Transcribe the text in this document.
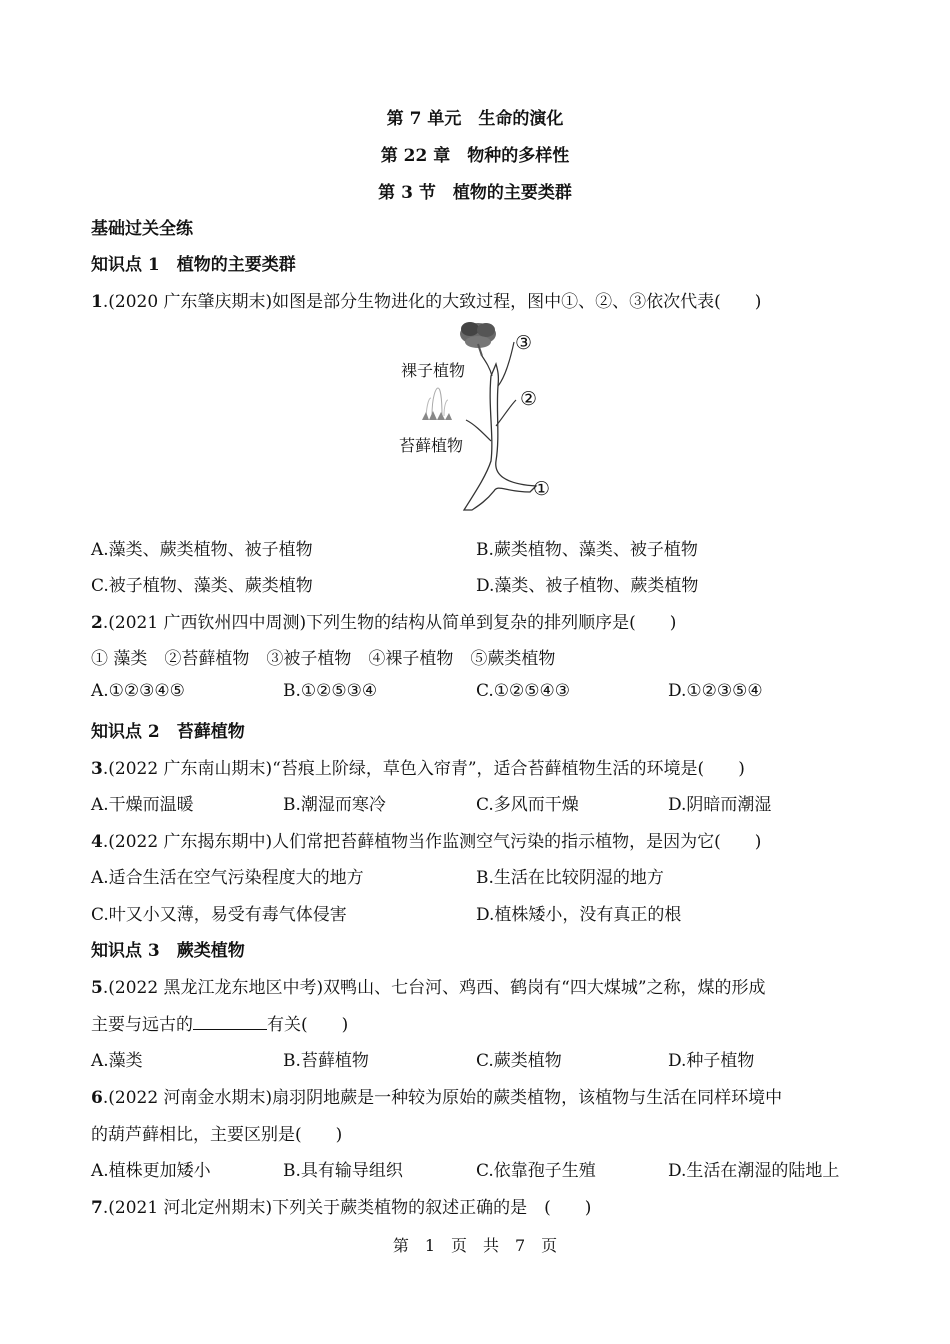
第 7 单元　生命的演化
第 22 章　物种的多样性
第 3 节　植物的主要类群
基础过关全练
知识点 1　植物的主要类群
1.(2020 广东肇庆期末)如图是部分生物进化的大致过程，图中①、②、③依次代表(　　)
裸子植物
苔藓植物
③
②
①
A.藻类、蕨类植物、被子植物	B.蕨类植物、藻类、被子植物
C.被子植物、藻类、蕨类植物	D.藻类、被子植物、蕨类植物
2.(2021 广西钦州四中周测)下列生物的结构从简单到复杂的排列顺序是(　　)
① 藻类　②苔藓植物　③被子植物　④裸子植物　⑤蕨类植物
A.①②③④⑤	B.①②⑤③④	C.①②⑤④③	D.①②③⑤④
知识点 2　苔藓植物
3.(2022 广东南山期末)“苔痕上阶绿，草色入帘青”，适合苔藓植物生活的环境是(　　)
A.干燥而温暖	B.潮湿而寒冷	C.多风而干燥	D.阴暗而潮湿
4.(2022 广东揭东期中)人们常把苔藓植物当作监测空气污染的指示植物，是因为它(　　)
A.适合生活在空气污染程度大的地方	B.生活在比较阴湿的地方
C.叶又小又薄，易受有毒气体侵害	D.植株矮小，没有真正的根
知识点 3　蕨类植物
5.(2022 黑龙江龙东地区中考)双鸭山、七台河、鸡西、鹤岗有“四大煤城”之称，煤的形成
主要与远古的	有关(　　)
A.藻类	B.苔藓植物	C.蕨类植物	D.种子植物
6.(2022 河南金水期末)扇羽阴地蕨是一种较为原始的蕨类植物，该植物与生活在同样环境中
的葫芦藓相比，主要区别是(　　)
A.植株更加矮小	B.具有输导组织	C.依靠孢子生殖	D.生活在潮湿的陆地上
7.(2021 河北定州期末)下列关于蕨类植物的叙述正确的是　(　　)
第　1　页　共　7　页
